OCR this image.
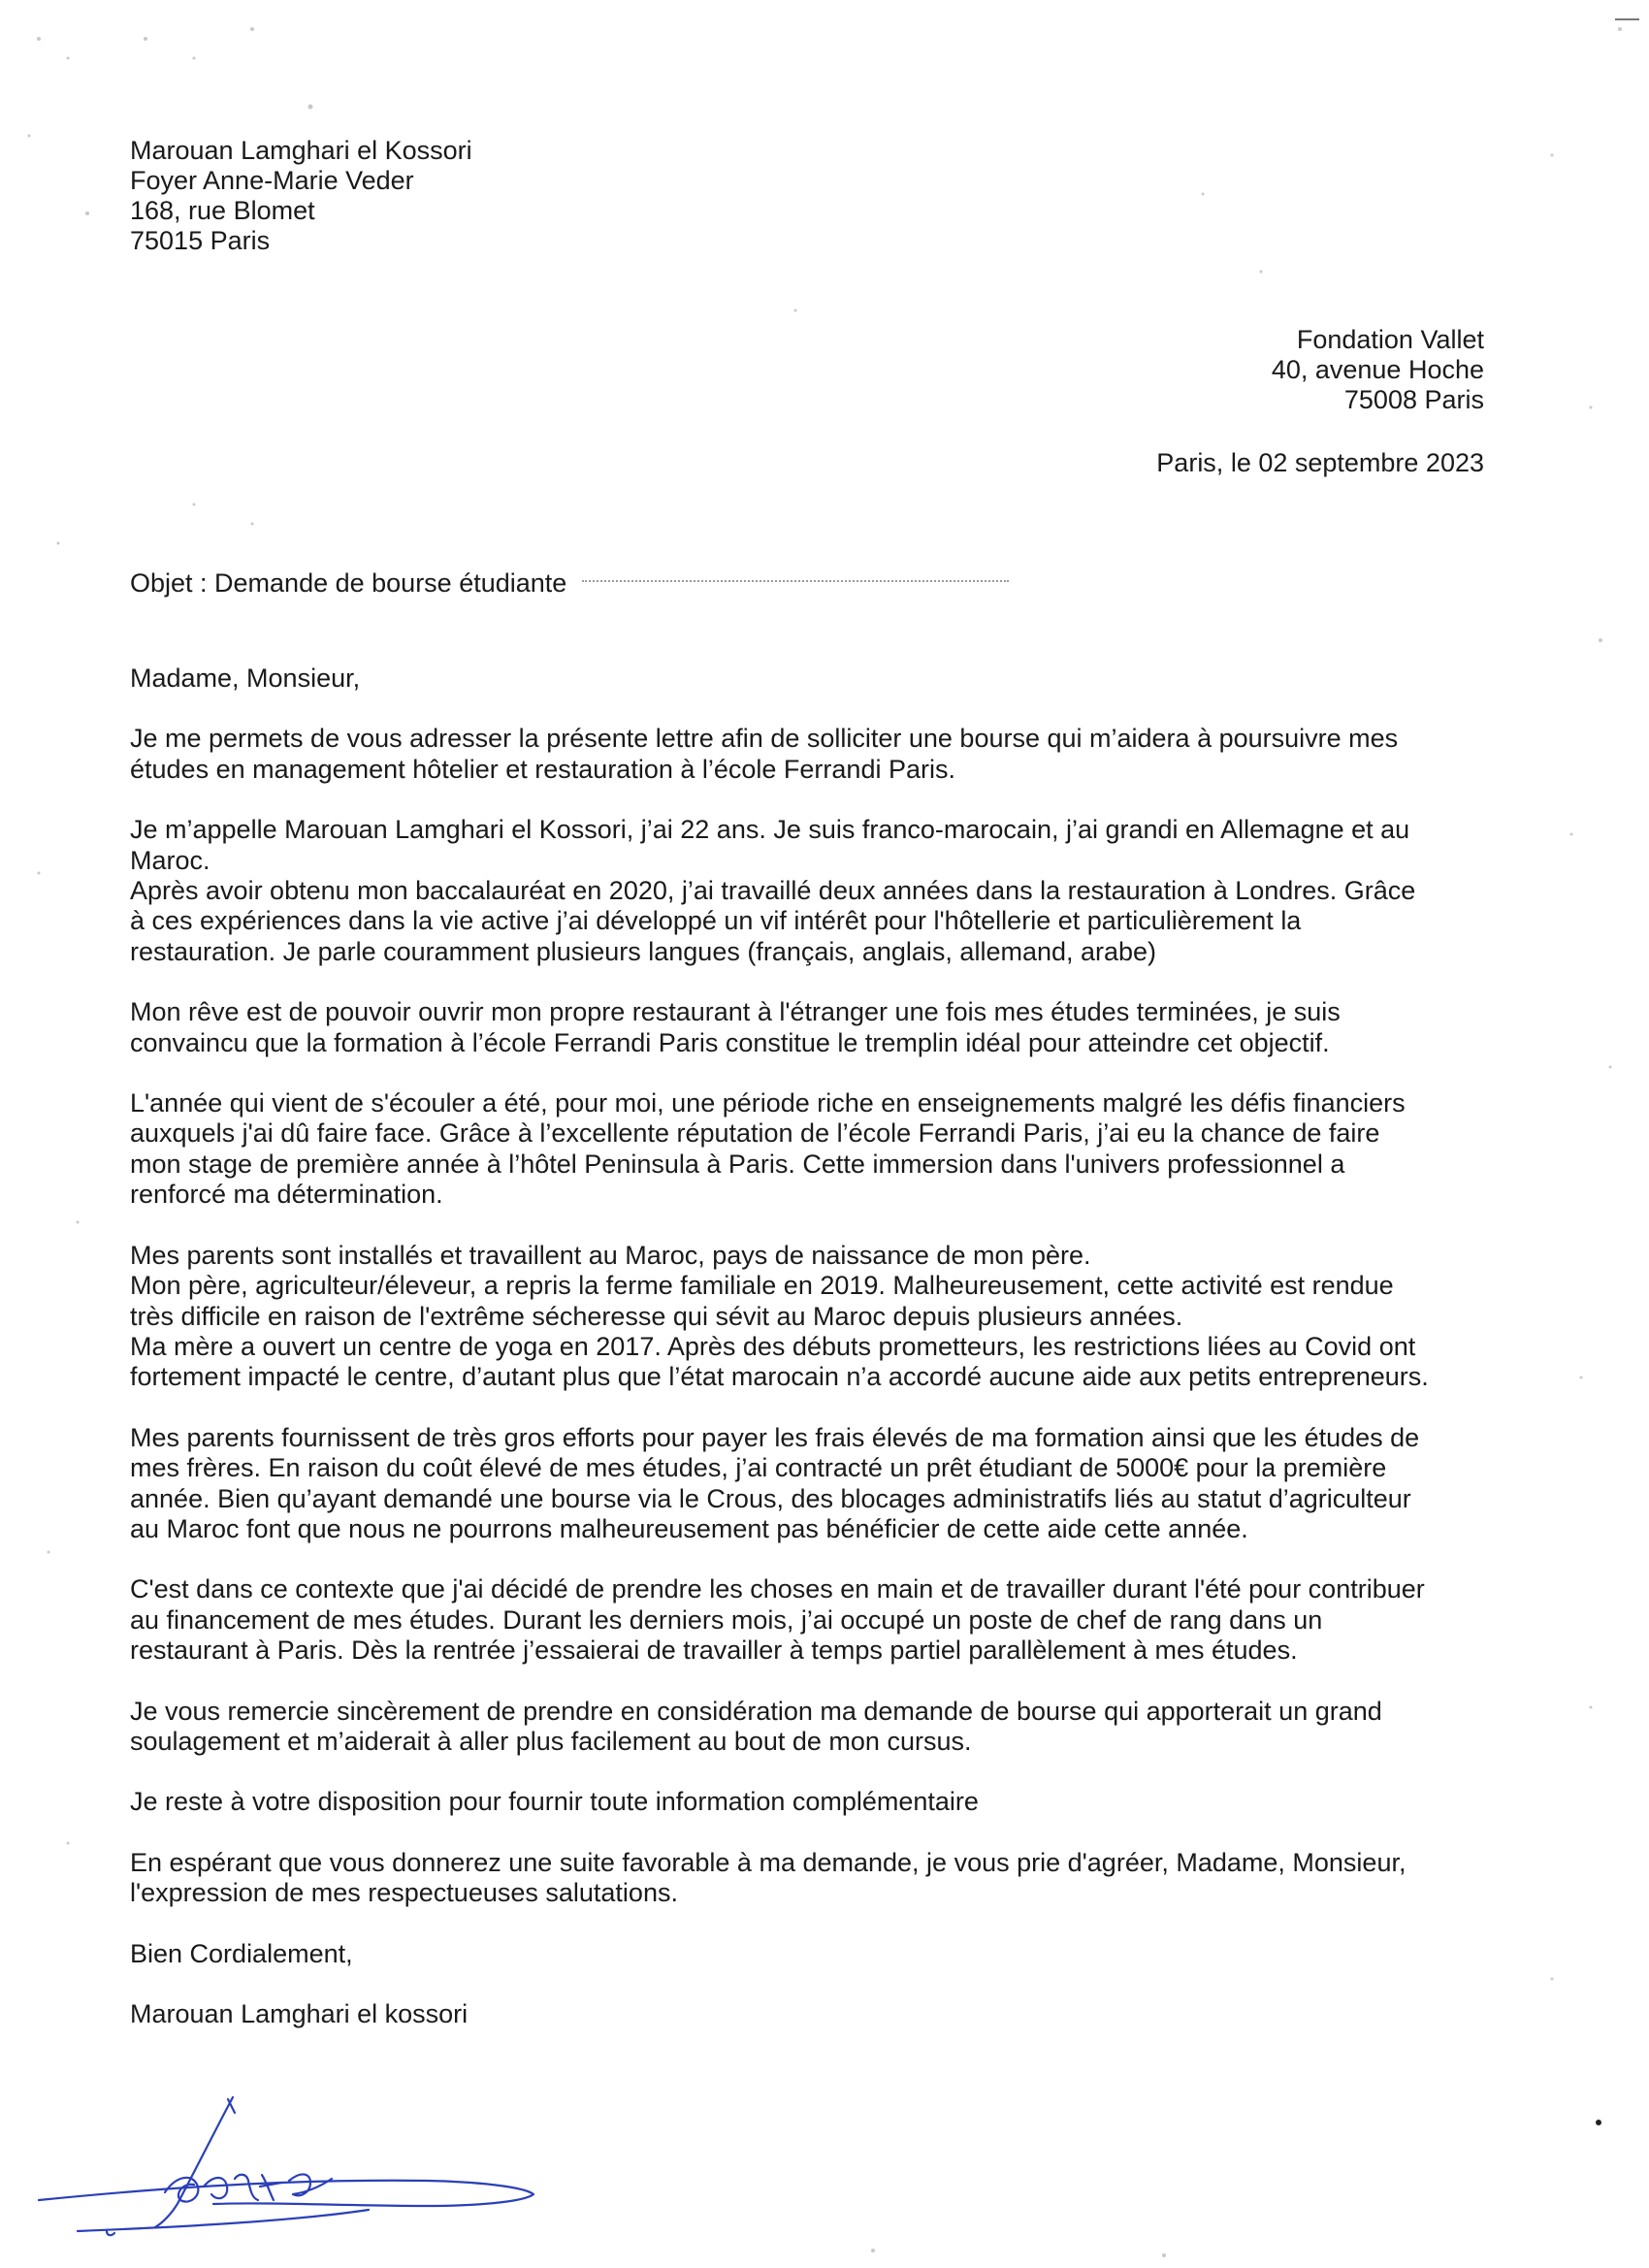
Marouan Lamghari el Kossori
Foyer Anne-Marie Veder
168, rue Blomet
75015 Paris
Fondation Vallet
40, avenue Hoche
75008 Paris
Paris, le 02 septembre 2023
Objet : Demande de bourse étudiante
Madame, Monsieur,
Je me permets de vous adresser la présente lettre afin de solliciter une bourse qui m’aidera à poursuivre mes
études en management hôtelier et restauration à l’école Ferrandi Paris.
Je m’appelle Marouan Lamghari el Kossori, j’ai 22 ans. Je suis franco-marocain, j’ai grandi en Allemagne et au
Maroc.
Après avoir obtenu mon baccalauréat en 2020, j’ai travaillé deux années dans la restauration à Londres. Grâce
à ces expériences dans la vie active j’ai développé un vif intérêt pour l'hôtellerie et particulièrement la
restauration. Je parle couramment plusieurs langues (français, anglais, allemand, arabe)
Mon rêve est de pouvoir ouvrir mon propre restaurant à l'étranger une fois mes études terminées, je suis
convaincu que la formation à l’école Ferrandi Paris constitue le tremplin idéal pour atteindre cet objectif.
L'année qui vient de s'écouler a été, pour moi, une période riche en enseignements malgré les défis financiers
auxquels j'ai dû faire face. Grâce à l’excellente réputation de l’école Ferrandi Paris, j’ai eu la chance de faire
mon stage de première année à l’hôtel Peninsula à Paris. Cette immersion dans l'univers professionnel a
renforcé ma détermination.
Mes parents sont installés et travaillent au Maroc, pays de naissance de mon père.
Mon père, agriculteur/éleveur, a repris la ferme familiale en 2019. Malheureusement, cette activité est rendue
très difficile en raison de l'extrême sécheresse qui sévit au Maroc depuis plusieurs années.
Ma mère a ouvert un centre de yoga en 2017. Après des débuts prometteurs, les restrictions liées au Covid ont
fortement impacté le centre, d’autant plus que l’état marocain n’a accordé aucune aide aux petits entrepreneurs.
Mes parents fournissent de très gros efforts pour payer les frais élevés de ma formation ainsi que les études de
mes frères. En raison du coût élevé de mes études, j’ai contracté un prêt étudiant de 5000€ pour la première
année. Bien qu’ayant demandé une bourse via le Crous, des blocages administratifs liés au statut d’agriculteur
au Maroc font que nous ne pourrons malheureusement pas bénéficier de cette aide cette année.
C'est dans ce contexte que j'ai décidé de prendre les choses en main et de travailler durant l'été pour contribuer
au financement de mes études. Durant les derniers mois, j’ai occupé un poste de chef de rang dans un
restaurant à Paris. Dès la rentrée j’essaierai de travailler à temps partiel parallèlement à mes études.
Je vous remercie sincèrement de prendre en considération ma demande de bourse qui apporterait un grand
soulagement et m’aiderait à aller plus facilement au bout de mon cursus.
Je reste à votre disposition pour fournir toute information complémentaire
En espérant que vous donnerez une suite favorable à ma demande, je vous prie d'agréer, Madame, Monsieur,
l'expression de mes respectueuses salutations.
Bien Cordialement,
Marouan Lamghari el kossori
